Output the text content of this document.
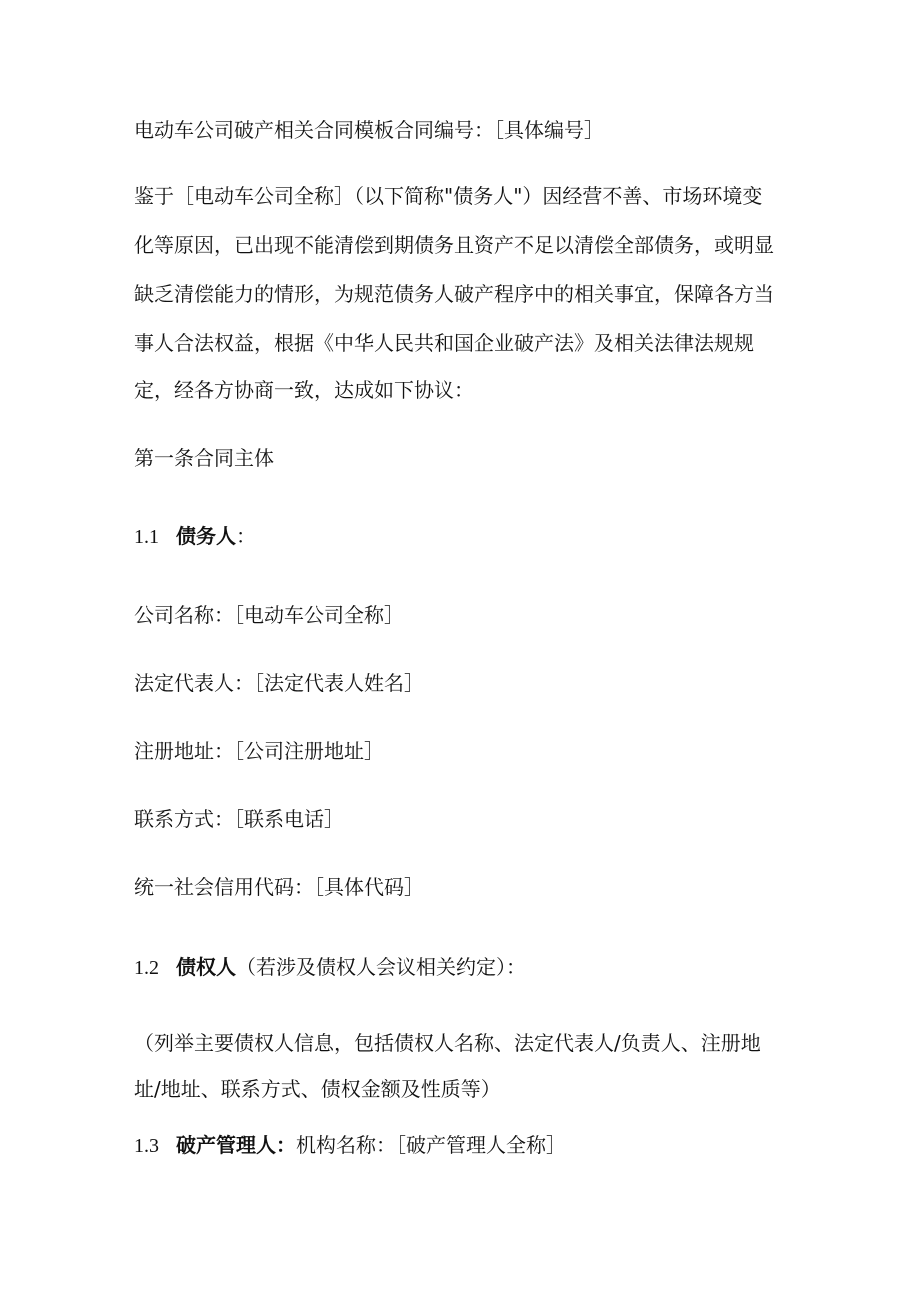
电动车公司破产相关合同模板合同编号：［具体编号］
鉴于［电动车公司全称］（以下简称"债务人"）因经营不善、市场环境变
化等原因，已出现不能清偿到期债务且资产不足以清偿全部债务，或明显
缺乏清偿能力的情形，为规范债务人破产程序中的相关事宜，保障各方当
事人合法权益，根据《中华人民共和国企业破产法》及相关法律法规规
定，经各方协商一致，达成如下协议：
第一条合同主体
1.1 债务人：
公司名称：［电动车公司全称］
法定代表人：［法定代表人姓名］
注册地址：［公司注册地址］
联系方式：［联系电话］
统一社会信用代码：［具体代码］
1.2 债权人（若涉及债权人会议相关约定）：
（列举主要债权人信息，包括债权人名称、法定代表人/负责人、注册地
址/地址、联系方式、债权金额及性质等）
1.3 破产管理人：机构名称：［破产管理人全称］
